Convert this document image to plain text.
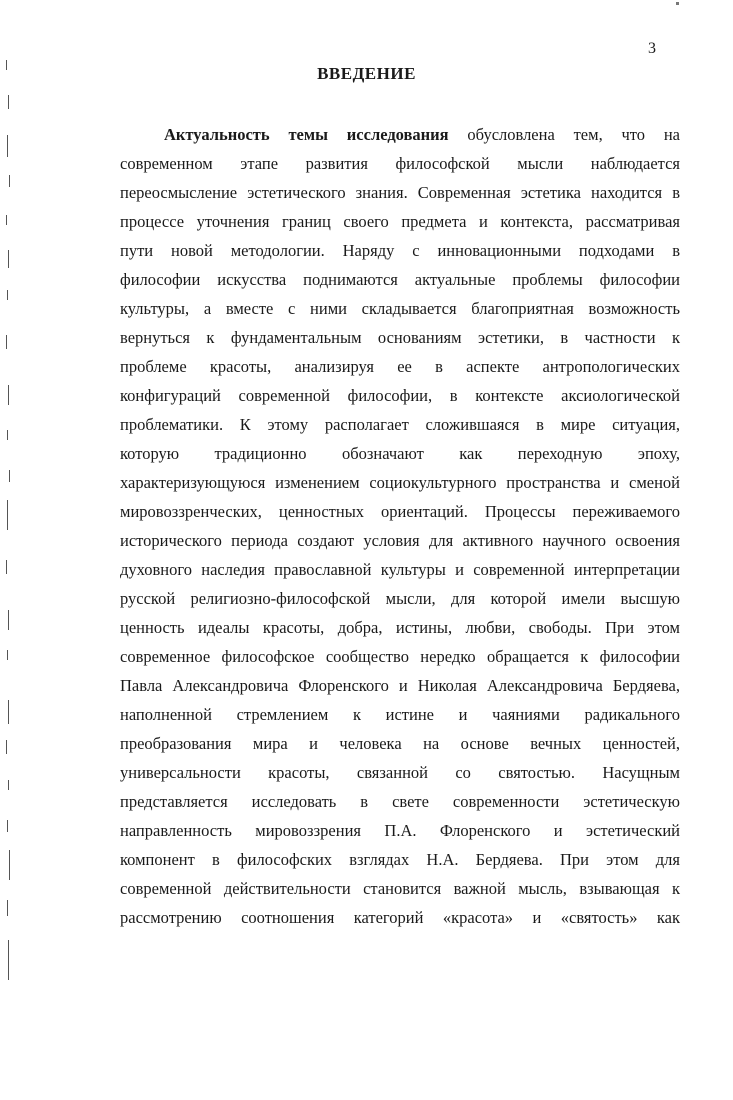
3
ВВЕДЕНИЕ
Актуальность темы исследования обусловлена тем, что на
современном этапе развития философской мысли наблюдается
переосмысление эстетического знания. Современная эстетика находится в
процессе уточнения границ своего предмета и контекста, рассматривая
пути новой методологии. Наряду с инновационными подходами в
философии искусства поднимаются актуальные проблемы философии
культуры, а вместе с ними складывается благоприятная возможность
вернуться к фундаментальным основаниям эстетики, в частности к
проблеме красоты, анализируя ее в аспекте антропологических
конфигураций современной философии, в контексте аксиологической
проблематики. К этому располагает сложившаяся в мире ситуация,
которую традиционно обозначают как переходную эпоху,
характеризующуюся изменением социокультурного пространства и сменой
мировоззренческих, ценностных ориентаций. Процессы переживаемого
исторического периода создают условия для активного научного освоения
духовного наследия православной культуры и современной интерпретации
русской религиозно-философской мысли, для которой имели высшую
ценность идеалы красоты, добра, истины, любви, свободы. При этом
современное философское сообщество нередко обращается к философии
Павла Александровича Флоренского и Николая Александровича Бердяева,
наполненной стремлением к истине и чаяниями радикального
преобразования мира и человека на основе вечных ценностей,
универсальности красоты, связанной со святостью. Насущным
представляется исследовать в свете современности эстетическую
направленность мировоззрения П.А. Флоренского и эстетический
компонент в философских взглядах Н.А. Бердяева. При этом для
современной действительности становится важной мысль, взывающая к
рассмотрению соотношения категорий «красота» и «святость» как
